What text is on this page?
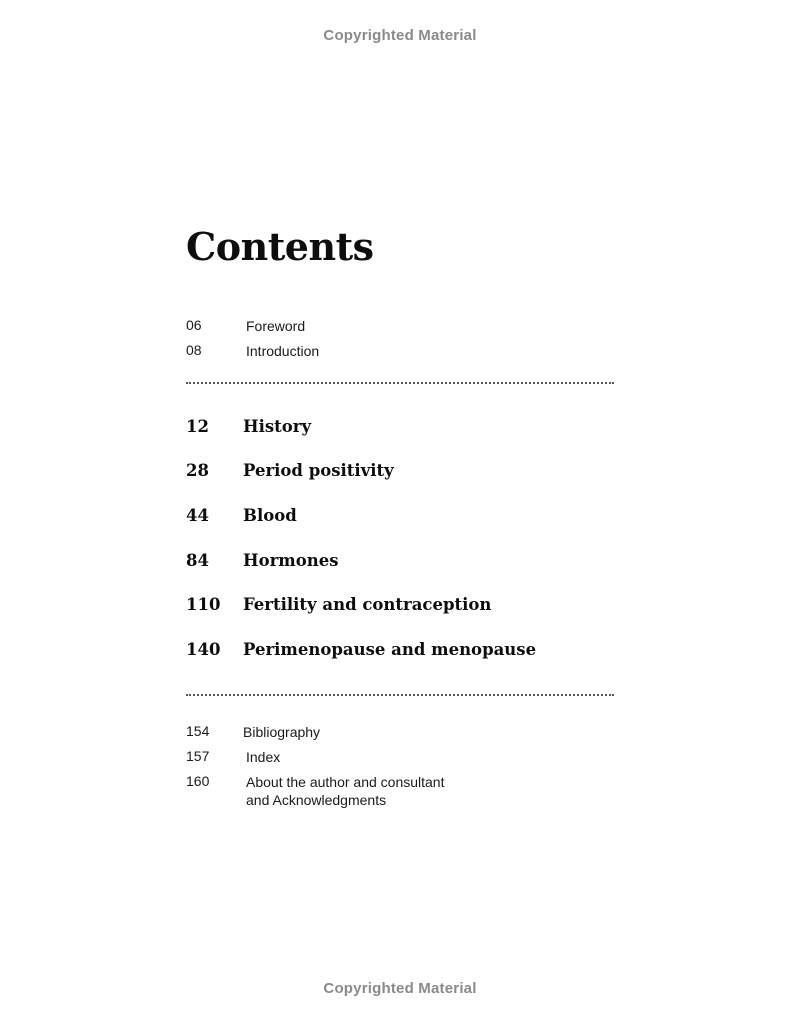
Copyrighted Material
Contents
06	Foreword
08	Introduction
12 History
28 Period positivity
44 Blood
84 Hormones
110 Fertility and contraception
140 Perimenopause and menopause
154 Bibliography
157	Index
160	About the author and consultant
and Acknowledgments
Copyrighted Material
